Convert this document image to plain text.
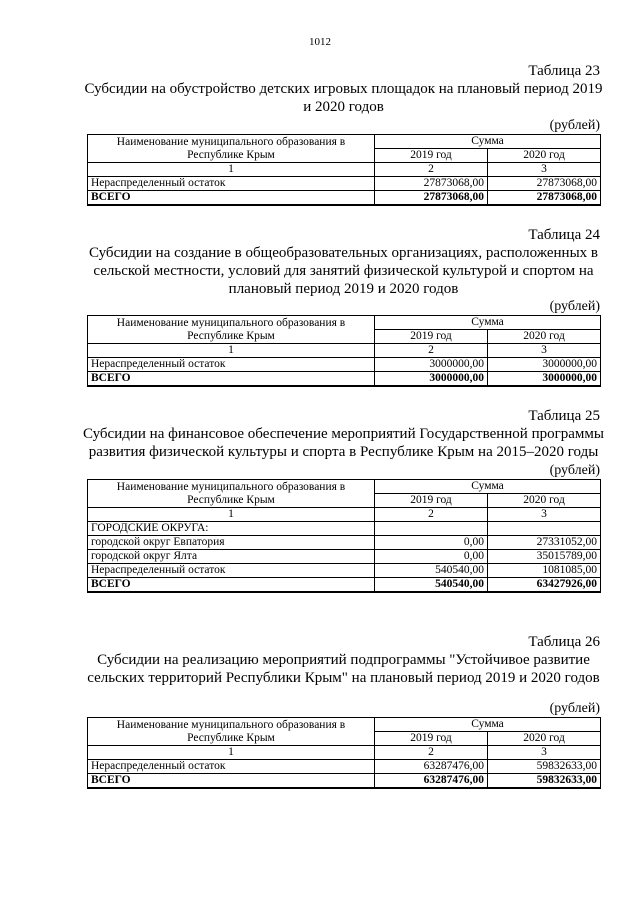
1012
Таблица 23
Субсидии на обустройство детских игровых площадок на плановый период 2019 и 2020 годов
(рублей)
Наименование муниципального образования в Республике Крым	Сумма	
	2019 год	2020 год
1	2	3
Нераспределенный остаток	27873068,00	27873068,00
ВСЕГО	27873068,00	27873068,00
Таблица 24
Субсидии на создание в общеобразовательных организациях, расположенных в сельской местности, условий для занятий физической культурой и спортом на плановый период 2019 и 2020 годов
(рублей)
Наименование муниципального образования в Республике Крым	Сумма	
	2019 год	2020 год
1	2	3
Нераспределенный остаток	3000000,00	3000000,00
ВСЕГО	3000000,00	3000000,00
Таблица 25
Субсидии на финансовое обеспечение мероприятий Государственной программы развития физической культуры и спорта в Республике Крым на 2015–2020 годы
(рублей)
Наименование муниципального образования в Республике Крым	Сумма	
	2019 год	2020 год
1	2	3
ГОРОДСКИЕ ОКРУГА:		
городской округ Евпатория	0,00	27331052,00
городской округ Ялта	0,00	35015789,00
Нераспределенный остаток	540540,00	1081085,00
ВСЕГО	540540,00	63427926,00
Таблица 26
Субсидии на реализацию мероприятий подпрограммы "Устойчивое развитие сельских территорий Республики Крым" на плановый период 2019 и 2020 годов
(рублей)
Наименование муниципального образования в Республике Крым	Сумма	
	2019 год	2020 год
1	2	3
Нераспределенный остаток	63287476,00	59832633,00
ВСЕГО	63287476,00	59832633,00
